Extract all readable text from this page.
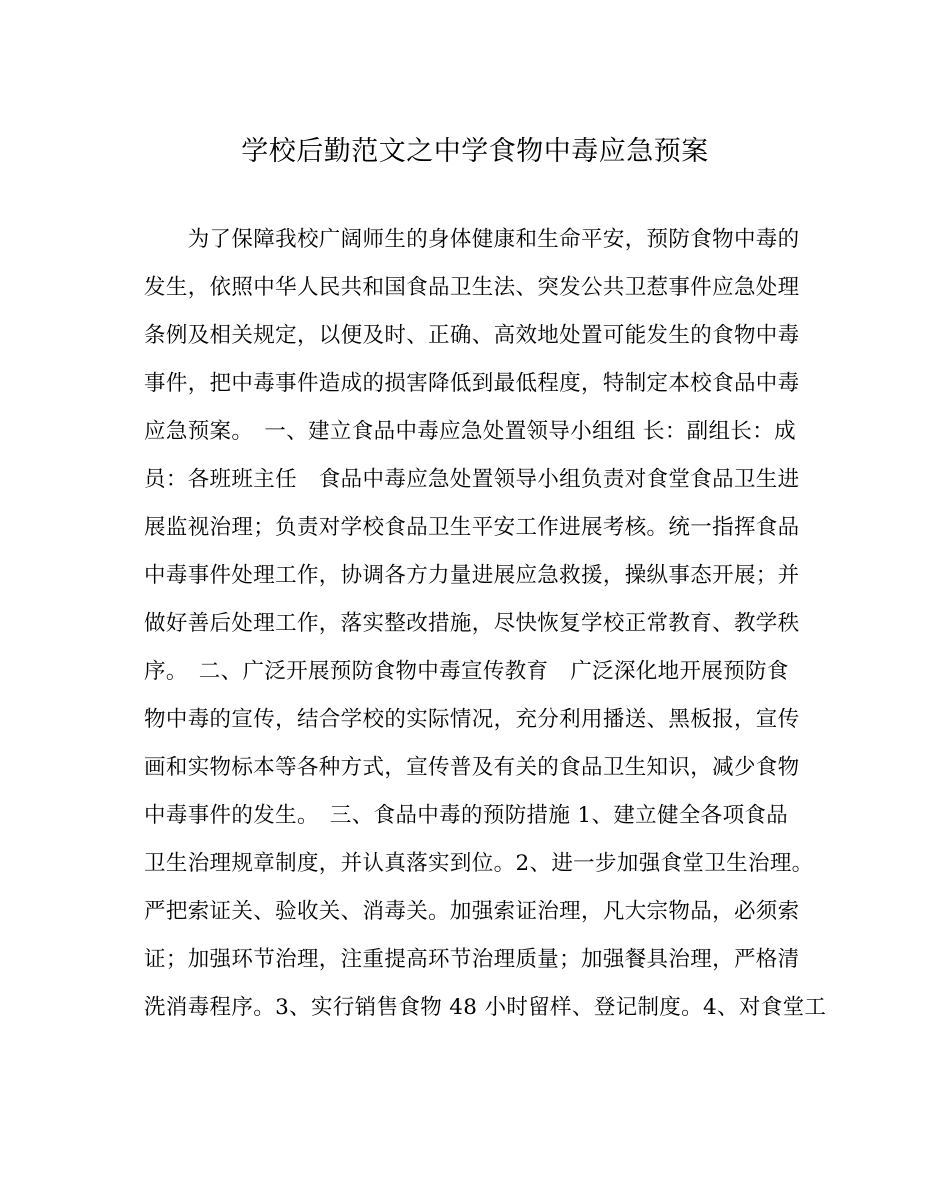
学校后勤范文之中学食物中毒应急预案
　　为了保障我校广阔师生的身体健康和生命平安，预防食物中毒的
发生，依照中华人民共和国食品卫生法、突发公共卫惹事件应急处理
条例及相关规定，以便及时、正确、高效地处置可能发生的食物中毒
事件，把中毒事件造成的损害降低到最低程度，特制定本校食品中毒
应急预案。　一、建立食品中毒应急处置领导小组组 长：副组长：成
员：各班班主任　食品中毒应急处置领导小组负责对食堂食品卫生进
展监视治理；负责对学校食品卫生平安工作进展考核。统一指挥食品
中毒事件处理工作，协调各方力量进展应急救援，操纵事态开展；并
做好善后处理工作，落实整改措施，尽快恢复学校正常教育、教学秩
序。　二、广泛开展预防食物中毒宣传教育　广泛深化地开展预防食
物中毒的宣传，结合学校的实际情况，充分利用播送、黑板报，宣传
画和实物标本等各种方式，宣传普及有关的食品卫生知识，减少食物
中毒事件的发生。　三、食品中毒的预防措施 1、建立健全各项食品
卫生治理规章制度，并认真落实到位。2、进一步加强食堂卫生治理。
严把索证关、验收关、消毒关。加强索证治理，凡大宗物品，必须索
证；加强环节治理，注重提高环节治理质量；加强餐具治理，严格清
洗消毒程序。3、实行销售食物 48 小时留样、登记制度。4、对食堂工
